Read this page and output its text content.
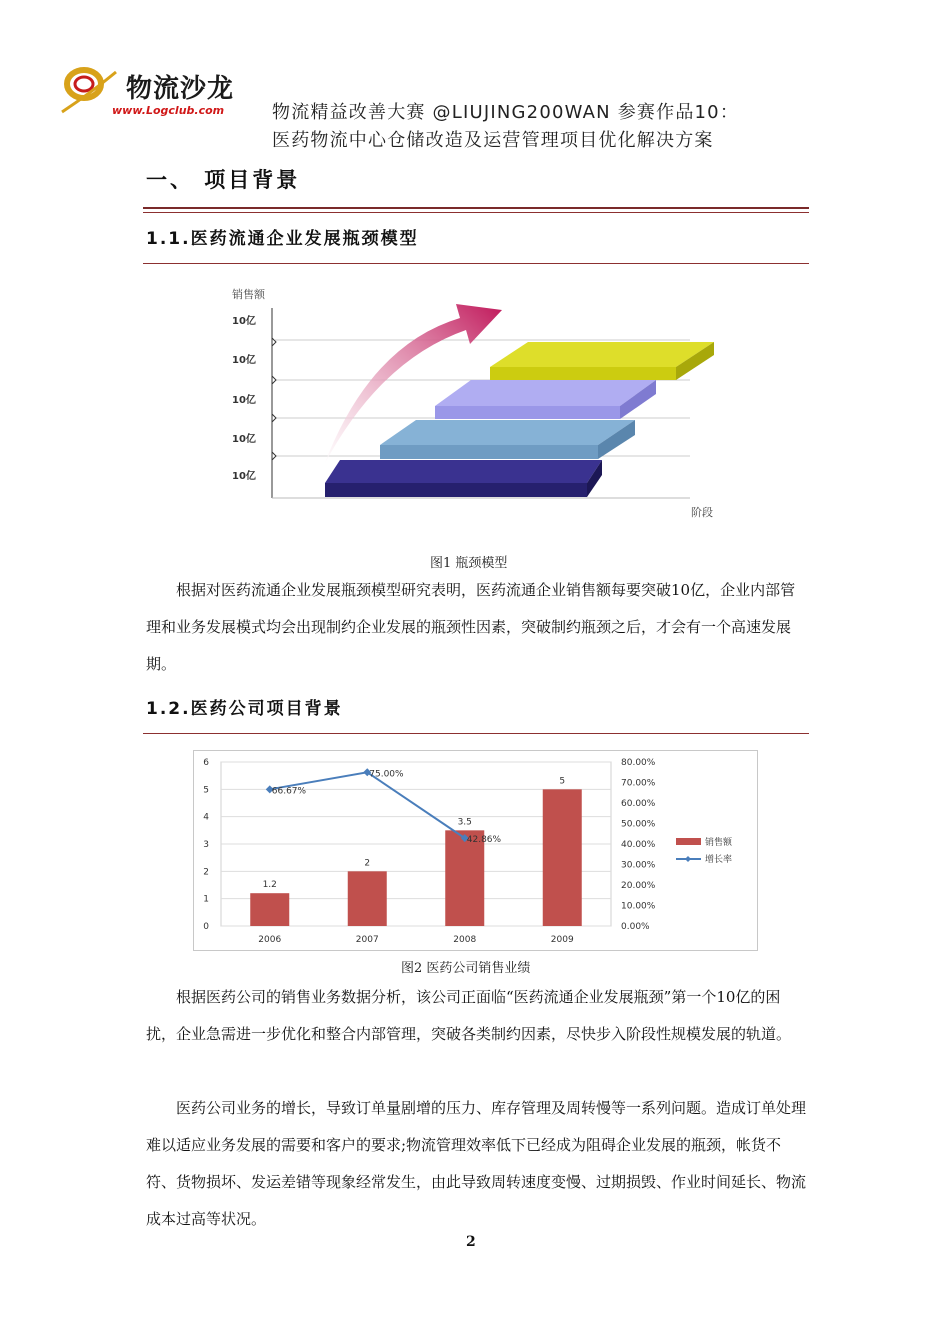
物流沙龙
www.Logclub.com	物流精益改善大赛 @LIUJING200WAN 参赛作品10：
医药物流中心仓储改造及运营管理项目优化解决方案
一、 项目背景
1.1.医药流通企业发展瓶颈模型
销售额
阶段
10亿
10亿
10亿
10亿
10亿
图1 瓶颈模型

根据对医药流通企业发展瓶颈模型研究表明，医药流通企业销售额每要突破10亿，企业内部管理和业务发展模式均会出现制约企业发展的瓶颈性因素，突破制约瓶颈之后，才会有一个高速发展期。

1.2.医药公司项目背景
0
1
2
3
4
5
6
0.00%
10.00%
20.00%
30.00%
40.00%
50.00%
60.00%
70.00%
80.00%
2006	2007	2008	2009
1.2
2
3.5
5
66.67%
75.00%
42.86%	销售额
增长率
图2 医药公司销售业绩

根据医药公司的销售业务数据分析，该公司正面临“医药流通企业发展瓶颈”第一个10亿的困扰，企业急需进一步优化和整合内部管理，突破各类制约因素，尽快步入阶段性规模发展的轨道。

医药公司业务的增长，导致订单量剧增的压力、库存管理及周转慢等一系列问题。造成订单处理难以适应业务发展的需要和客户的要求;物流管理效率低下已经成为阻碍企业发展的瓶颈，帐货不符、货物损坏、发运差错等现象经常发生，由此导致周转速度变慢、过期损毁、作业时间延长、物流成本过高等状况。

2
